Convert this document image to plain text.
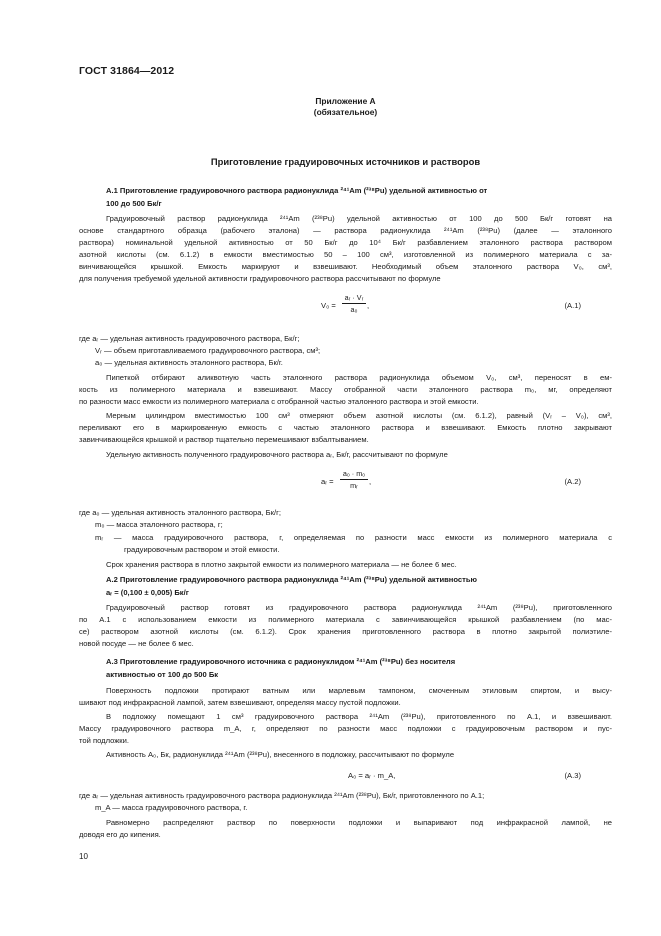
ГОСТ 31864—2012
Приложение А
(обязательное)
Приготовление градуировочных источников и растворов
А.1 Приготовление градуировочного раствора радионуклида ²⁴¹Am (²³⁸Pu) удельной активностью от
100 до 500 Бк/г
Градуировочный раствор радионуклида ²⁴¹Am (²³⁸Pu) удельной активностью от 100 до 500 Бк/г готовят на
основе стандартного образца (рабочего эталона) — раствора радионуклида ²⁴¹Am (²³⁸Pu) (далее — эталонного
раствора) номинальной удельной активностью от 50 Бк/г до 10⁴ Бк/г разбавлением эталонного раствора раствором
азотной кислоты (см. 6.1.2) в емкости вместимостью 50 – 100 см³, изготовленной из полимерного материала с за-
винчивающейся крышкой. Емкость маркируют и взвешивают. Необходимый объем эталонного раствора V₀, см³,
для получения требуемой удельной активности градуировочного раствора рассчитывают по формуле
V₀ =
aᵣ · Vᵣ
a₀	,	(А.1)
где aᵣ — удельная активность градуировочного раствора, Бк/г;
Vᵣ — объем приготавливаемого градуировочного раствора, см³;
a₀ — удельная активность эталонного раствора, Бк/г.
Пипеткой отбирают аликвотную часть эталонного раствора радионуклида объемом V₀, см³, переносят в ем-
кость из полимерного материала и взвешивают. Массу отобранной части эталонного раствора m₀, мг, определяют
по разности масс емкости из полимерного материала с отобранной частью эталонного раствора и этой емкости.
Мерным цилиндром вместимостью 100 см³ отмеряют объем азотной кислоты (см. 6.1.2), равный (Vᵣ – V₀), см³,
переливают его в маркированную емкость с частью эталонного раствора и взвешивают. Емкость плотно закрывают
завинчивающейся крышкой и раствор тщательно перемешивают взбалтыванием.
Удельную активность полученного градуировочного раствора aᵣ, Бк/г, рассчитывают по формуле
aᵣ =
a₀ · m₀
mᵣ	,	(А.2)
где a₀ — удельная активность эталонного раствора, Бк/г;
m₀ — масса эталонного раствора, г;
mᵣ — масса градуировочного раствора, г, определяемая по разности масс емкости из полимерного материала с
градуировочным раствором и этой емкости.
Срок хранения раствора в плотно закрытой емкости из полимерного материала — не более 6 мес.
А.2 Приготовление градуировочного раствора радионуклида ²⁴¹Am (²³⁸Pu) удельной активностью
aᵣ = (0,100 ± 0,005) Бк/г
Градуировочный раствор готовят из градуировочного раствора радионуклида ²⁴¹Am (²³⁸Pu), приготовленного
по А.1 с использованием емкости из полимерного материала с завинчивающейся крышкой разбавлением (по мас-
се) раствором азотной кислоты (см. 6.1.2). Срок хранения приготовленного раствора в плотно закрытой полиэтиле-
новой посуде — не более 6 мес.
А.3 Приготовление градуировочного источника с радионуклидом ²⁴¹Am (²³⁸Pu) без носителя
активностью от 100 до 500 Бк
Поверхность подложки протирают ватным или марлевым тампоном, смоченным этиловым спиртом, и высу-
шивают под инфракрасной лампой, затем взвешивают, определяя массу пустой подложки.
В подложку помещают 1 см³ градуировочного раствора ²⁴¹Am (²³⁸Pu), приготовленного по А.1, и взвешивают.
Массу градуировочного раствора m_A, г, определяют по разности масс подложки с градуировочным раствором и пус-
той подложки.
Активность A₀, Бк, радионуклида ²⁴¹Am (²³⁸Pu), внесенного в подложку, рассчитывают по формуле
A₀ = aᵣ · m_A,	(А.3)
где aᵣ — удельная активность градуировочного раствора радионуклида ²⁴¹Am (²³⁸Pu), Бк/г, приготовленного по А.1;
m_A — масса градуировочного раствора, г.
Равномерно распределяют раствор по поверхности подложки и выпаривают под инфракрасной лампой, не
доводя его до кипения.
10
